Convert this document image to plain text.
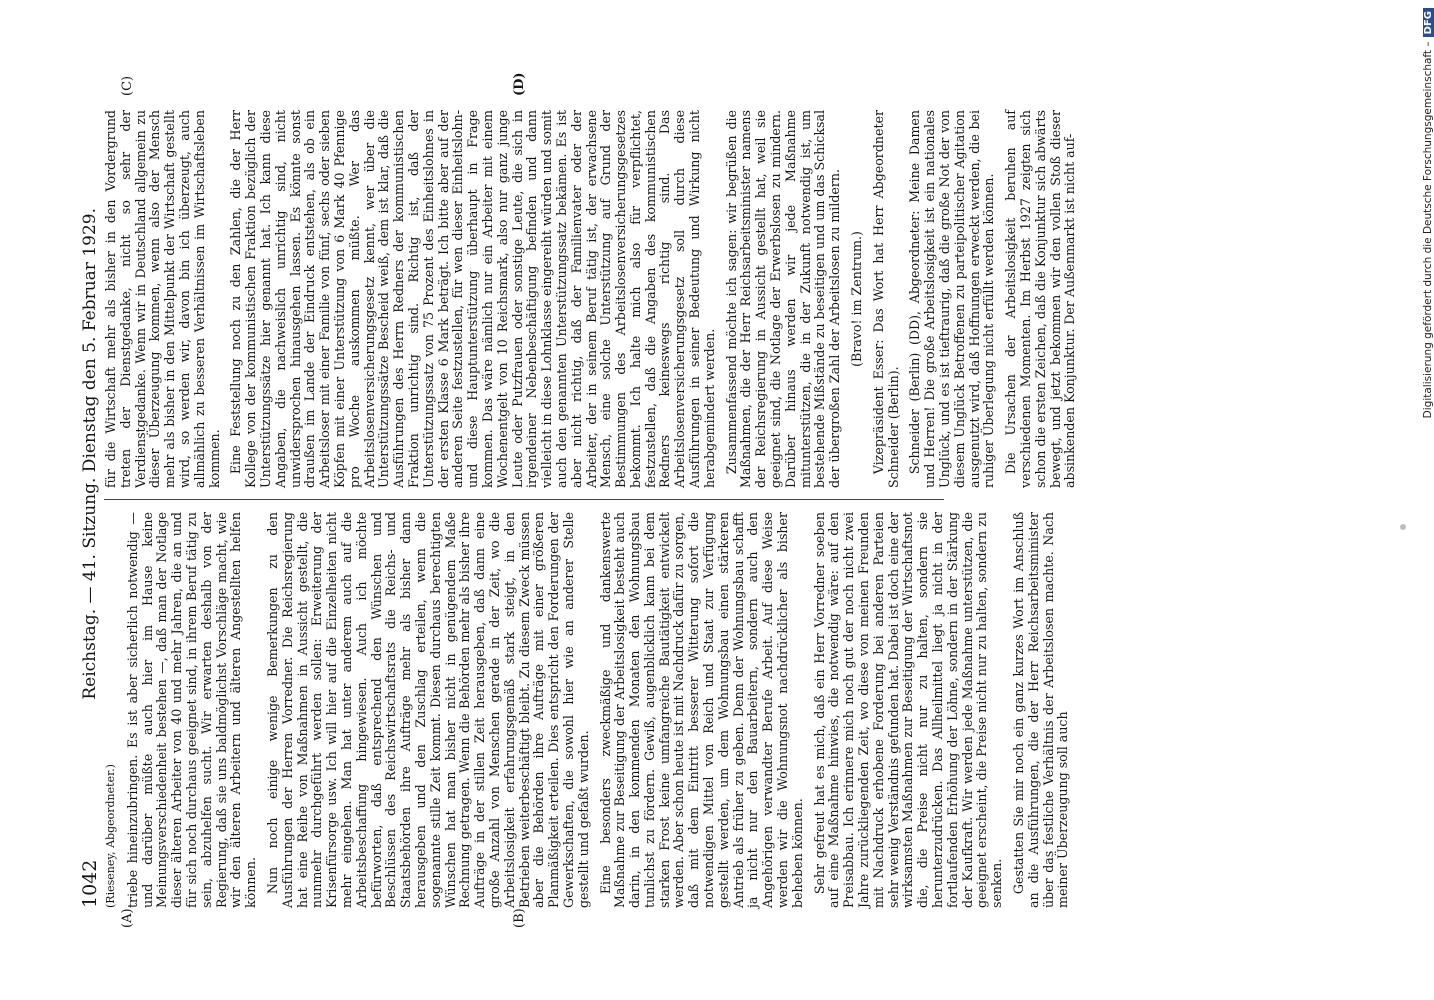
1042
Reichstag. — 41. Sitzung. Dienstag den 5. Februar 1929.
(A)	(B)
(C)	(D)

(Rieseney, Abgeordneter.) triebe hineinzubringen. Es ist aber sicherlich notwendig — und darüber müßte auch hier im Hause keine Meinungsverschiedenheit bestehen —, daß man der Notlage dieser älteren Arbeiter von 40 und mehr Jahren, die an und für sich noch durchaus geeignet sind, in ihrem Beruf tätig zu sein, abzuhelfen sucht. Wir erwarten deshalb von der Regierung, daß sie uns baldmöglichst Vorschläge macht, wie wir den älteren Arbeitern und älteren Angestellten helfen können. Nun noch einige wenige Bemerkungen zu den Ausführungen der Herren Vorredner. Die Reichsregierung hat eine Reihe von Maßnahmen in Aussicht gestellt, die nunmehr durchgeführt werden sollen: Erweiterung der Krisenfürsorge usw. Ich will hier auf die Einzelheiten nicht mehr eingehen. Man hat unter anderem auch auf die Arbeitsbeschaffung hingewiesen. Auch ich möchte befürworten, daß entsprechend den Wünschen und Beschlüssen des Reichswirtschaftsrats die Reichs- und Staatsbehörden ihre Aufträge mehr als bisher dann herausgeben und den Zuschlag erteilen, wenn die sogenannte stille Zeit kommt. Diesen durchaus berechtigten Wünschen hat man bisher nicht in genügendem Maße Rechnung getragen. Wenn die Behörden mehr als bisher ihre Aufträge in der stillen Zeit herausgeben, daß dann eine große Anzahl von Menschen gerade in der Zeit, wo die Arbeitslosigkeit erfahrungsgemäß stark steigt, in den Betrieben weiterbeschäftigt bleibt. Zu diesem Zweck müssen aber die Behörden ihre Aufträge mit einer größeren Planmäßigkeit erteilen. Dies entspricht den Forderungen der Gewerkschaften, die sowohl hier wie an anderer Stelle gestellt und gefaßt wurden. Eine besonders zweckmäßige und dankenswerte Maßnahme zur Beseitigung der Arbeitslosigkeit besteht auch darin, in den kommenden Monaten den Wohnungsbau tunlichst zu fördern. Gewiß, augenblicklich kann bei dem starken Frost keine umfangreiche Bautätigkeit entwickelt werden. Aber schon heute ist mit Nachdruck dafür zu sorgen, daß mit dem Eintritt besserer Witterung sofort die notwendigen Mittel von Reich und Staat zur Verfügung gestellt werden, um dem Wohnungsbau einen stärkeren Antrieb als früher zu geben. Denn der Wohnungsbau schafft ja nicht nur den Bauarbeitern, sondern auch den Angehörigen verwandter Berufe Arbeit. Auf diese Weise werden wir die Wohnungsnot nachdrücklicher als bisher beheben können. Sehr gefreut hat es mich, daß ein Herr Vorredner soeben auf eine Maßnahme hinwies, die notwendig wäre: auf den Preisabbau. Ich erinnere mich noch gut der noch nicht zwei Jahre zurückliegenden Zeit, wo diese von meinen Freunden mit Nachdruck erhobene Forderung bei anderen Parteien sehr wenig Verständnis gefunden hat. Dabei ist doch eine der wirksamsten Maßnahmen zur Beseitigung der Wirtschaftsnot die, die Preise nicht nur zu halten, sondern sie herunterzudrücken. Das Allheilmittel liegt ja nicht in der fortlaufenden Erhöhung der Löhne, sondern in der Stärkung der Kaufkraft. Wir werden jede Maßnahme unterstützen, die geeignet erscheint, die Preise nicht nur zu halten, sondern zu senken. Gestatten Sie mir noch ein ganz kurzes Wort im Anschluß an die Ausführungen, die der Herr Reichsarbeitsminister über das festliche Verhältnis der Arbeitslosen machte. Nach meiner Überzeugung soll auch

für die Wirtschaft mehr als bisher in den Vordergrund treten der Dienstgedanke, nicht so sehr der Verdienstgedanke. Wenn wir in Deutschland allgemein zu dieser Überzeugung kommen, wenn also der Mensch mehr als bisher in den Mittelpunkt der Wirtschaft gestellt wird, so werden wir, davon bin ich überzeugt, auch allmählich zu besseren Verhältnissen im Wirtschaftsleben kommen. Eine Feststellung noch zu den Zahlen, die der Herr Kollege von der kommunistischen Fraktion bezüglich der Unterstützungssätze hier genannt hat. Ich kann diese Angaben, die nachweislich unrichtig sind, nicht unwidersprochen hinausgehen lassen. Es könnte sonst draußen im Lande der Eindruck entstehen, als ob ein Arbeitsloser mit einer Familie von fünf, sechs oder sieben Köpfen mit einer Unterstützung von 6 Mark 40 Pfennige pro Woche auskommen müßte. Wer das Arbeitslosenversicherungsgesetz kennt, wer über die Unterstützungssätze Bescheid weiß, dem ist klar, daß die Ausführungen des Herrn Redners der kommunistischen Fraktion unrichtig sind. Richtig ist, daß der Unterstützungssatz von 75 Prozent des Einheitslohnes in der ersten Klasse 6 Mark beträgt. Ich bitte aber auf der anderen Seite festzustellen, für wen dieser Einheitslohn- und diese Hauptunterstützung überhaupt in Frage kommen. Das wäre nämlich nur ein Arbeiter mit einem Wochenentgelt von 10 Reichsmark, also nur ganz junge Leute oder Putzfrauen oder sonstige Leute, die sich in irgendeiner Nebenbeschäftigung befinden und dann vielleicht in diese Lohnklasse eingereiht würden und somit auch den genannten Unterstützungssatz bekämen. Es ist aber nicht richtig, daß der Familienvater oder der Arbeiter, der in seinem Beruf tätig ist, der erwachsene Mensch, eine solche Unterstützung auf Grund der Bestimmungen des Arbeitslosenversicherungsgesetzes bekommt. Ich halte mich also für verpflichtet, festzustellen, daß die Angaben des kommunistischen Redners keineswegs richtig sind. Das Arbeitslosenversicherungsgesetz soll durch diese Ausführungen in seiner Bedeutung und Wirkung nicht herabgemindert werden. Zusammenfassend möchte ich sagen: wir begrüßen die Maßnahmen, die der Herr Reichsarbeitsminister namens der Reichsregierung in Aussicht gestellt hat, weil sie geeignet sind, die Notlage der Erwerbslosen zu mindern. Darüber hinaus werden wir jede Maßnahme mitunterstützen, die in der Zukunft notwendig ist, um bestehende Mißstände zu beseitigen und um das Schicksal der übergroßen Zahl der Arbeitslosen zu mildern. (Bravo! im Zentrum.) Vizepräsident Esser: Das Wort hat Herr Abgeordneter Schneider (Berlin). Schneider (Berlin) (DD), Abgeordneter: Meine Damen und Herren! Die große Arbeitslosigkeit ist ein nationales Unglück, und es ist tieftraurig, daß die große Not der von diesem Unglück Betroffenen zu parteipolitischer Agitation ausgenutzt wird, daß Hoffnungen erweckt werden, die bei ruhiger Überlegung nicht erfüllt werden können. Die Ursachen der Arbeitslosigkeit beruhen auf verschiedenen Momenten. Im Herbst 1927 zeigten sich schon die ersten Zeichen, daß die Konjunktur sich abwärts bewegt, und jetzt bekommen wir den vollen Stoß dieser absinkenden Konjunktur. Der Außenmarkt ist nicht auf-	Digitalisierung gefördert durch die Deutsche Forschungsgemeinschaft –
DFG
